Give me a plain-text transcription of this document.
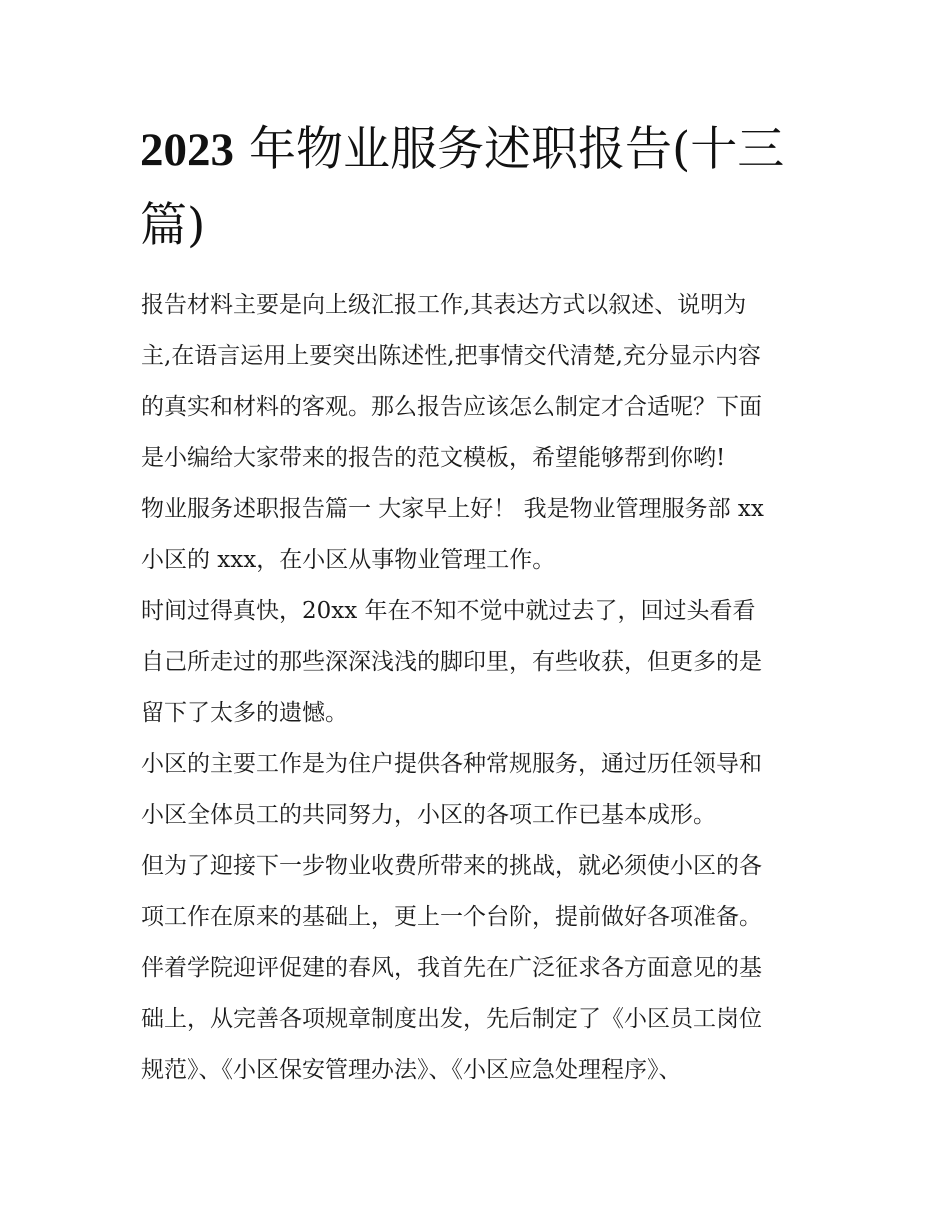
2023 年物业服务述职报告(十三篇)

报告材料主要是向上级汇报工作,其表达方式以叙述、说明为
主,在语言运用上要突出陈述性,把事情交代清楚,充分显示内容
的真实和材料的客观。那么报告应该怎么制定才合适呢？下面
是小编给大家带来的报告的范文模板，希望能够帮到你哟!

物业服务述职报告篇一 大家早上好！ 我是物业管理服务部 xx
小区的 xxx，在小区从事物业管理工作。

时间过得真快，20xx 年在不知不觉中就过去了，回过头看看
自己所走过的那些深深浅浅的脚印里，有些收获，但更多的是
留下了太多的遗憾。

小区的主要工作是为住户提供各种常规服务，通过历任领导和
小区全体员工的共同努力，小区的各项工作已基本成形。

但为了迎接下一步物业收费所带来的挑战，就必须使小区的各
项工作在原来的基础上，更上一个台阶，提前做好各项准备。

伴着学院迎评促建的春风，我首先在广泛征求各方面意见的基
础上，从完善各项规章制度出发，先后制定了《小区员工岗位
规范》、《小区保安管理办法》、《小区应急处理程序》、
